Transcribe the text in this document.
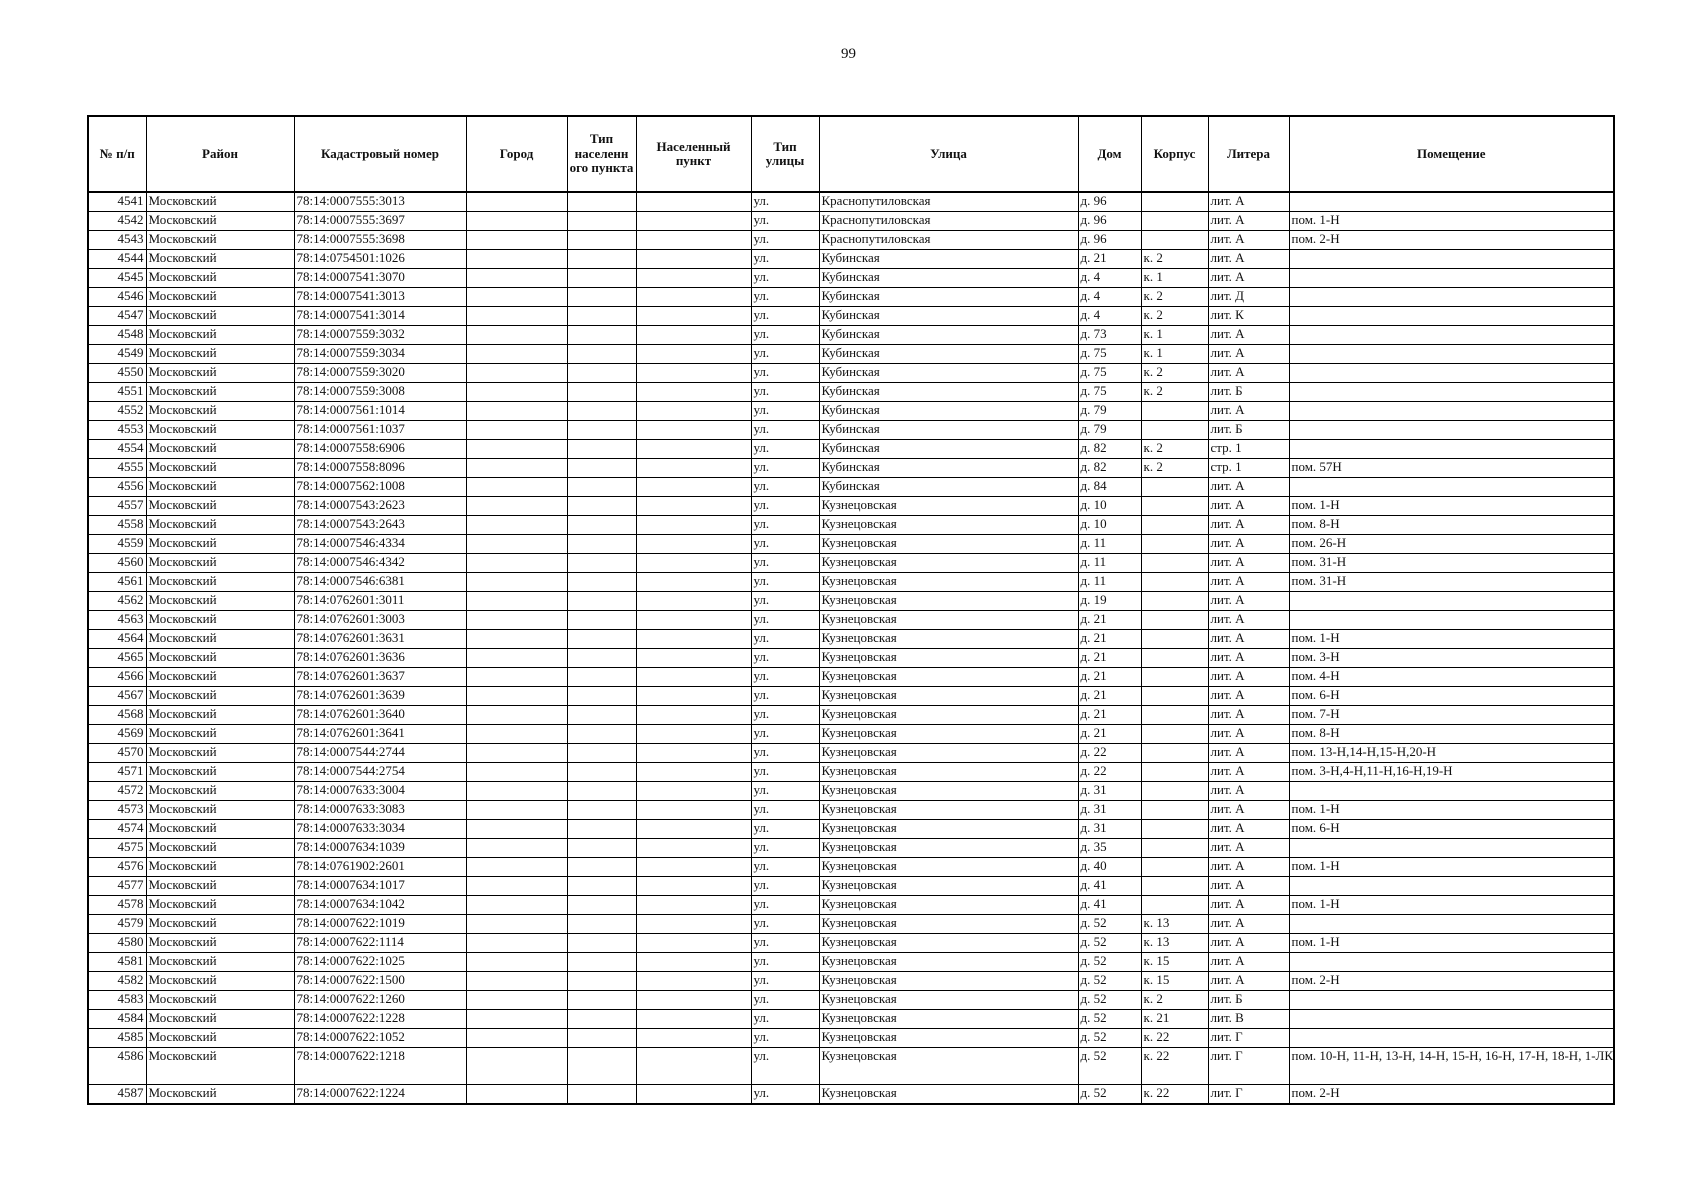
99
№ п/п	Район	Кадастровый номер	Город	Тип населенн ого пункта	Населенный пункт	Тип улицы	Улица	Дом	Корпус	Литера	Помещение
4541	Московский	78:14:0007555:3013				ул.	Краснопутиловская	д. 96		лит. А	
4542	Московский	78:14:0007555:3697				ул.	Краснопутиловская	д. 96		лит. А	пом. 1-Н
4543	Московский	78:14:0007555:3698				ул.	Краснопутиловская	д. 96		лит. А	пом. 2-Н
4544	Московский	78:14:0754501:1026				ул.	Кубинская	д. 21	к. 2	лит. А	
4545	Московский	78:14:0007541:3070				ул.	Кубинская	д. 4	к. 1	лит. А	
4546	Московский	78:14:0007541:3013				ул.	Кубинская	д. 4	к. 2	лит. Д	
4547	Московский	78:14:0007541:3014				ул.	Кубинская	д. 4	к. 2	лит. К	
4548	Московский	78:14:0007559:3032				ул.	Кубинская	д. 73	к. 1	лит. А	
4549	Московский	78:14:0007559:3034				ул.	Кубинская	д. 75	к. 1	лит. А	
4550	Московский	78:14:0007559:3020				ул.	Кубинская	д. 75	к. 2	лит. А	
4551	Московский	78:14:0007559:3008				ул.	Кубинская	д. 75	к. 2	лит. Б	
4552	Московский	78:14:0007561:1014				ул.	Кубинская	д. 79		лит. А	
4553	Московский	78:14:0007561:1037				ул.	Кубинская	д. 79		лит. Б	
4554	Московский	78:14:0007558:6906				ул.	Кубинская	д. 82	к. 2	стр. 1	
4555	Московский	78:14:0007558:8096				ул.	Кубинская	д. 82	к. 2	стр. 1	пом. 57Н
4556	Московский	78:14:0007562:1008				ул.	Кубинская	д. 84		лит. А	
4557	Московский	78:14:0007543:2623				ул.	Кузнецовская	д. 10		лит. А	пом. 1-Н
4558	Московский	78:14:0007543:2643				ул.	Кузнецовская	д. 10		лит. А	пом. 8-Н
4559	Московский	78:14:0007546:4334				ул.	Кузнецовская	д. 11		лит. А	пом. 26-Н
4560	Московский	78:14:0007546:4342				ул.	Кузнецовская	д. 11		лит. А	пом. 31-Н
4561	Московский	78:14:0007546:6381				ул.	Кузнецовская	д. 11		лит. А	пом. 31-Н
4562	Московский	78:14:0762601:3011				ул.	Кузнецовская	д. 19		лит. А	
4563	Московский	78:14:0762601:3003				ул.	Кузнецовская	д. 21		лит. А	
4564	Московский	78:14:0762601:3631				ул.	Кузнецовская	д. 21		лит. А	пом. 1-Н
4565	Московский	78:14:0762601:3636				ул.	Кузнецовская	д. 21		лит. А	пом. 3-Н
4566	Московский	78:14:0762601:3637				ул.	Кузнецовская	д. 21		лит. А	пом. 4-Н
4567	Московский	78:14:0762601:3639				ул.	Кузнецовская	д. 21		лит. А	пом. 6-Н
4568	Московский	78:14:0762601:3640				ул.	Кузнецовская	д. 21		лит. А	пом. 7-Н
4569	Московский	78:14:0762601:3641				ул.	Кузнецовская	д. 21		лит. А	пом. 8-Н
4570	Московский	78:14:0007544:2744				ул.	Кузнецовская	д. 22		лит. А	пом. 13-Н,14-Н,15-Н,20-Н
4571	Московский	78:14:0007544:2754				ул.	Кузнецовская	д. 22		лит. А	пом. 3-Н,4-Н,11-Н,16-Н,19-Н
4572	Московский	78:14:0007633:3004				ул.	Кузнецовская	д. 31		лит. А	
4573	Московский	78:14:0007633:3083				ул.	Кузнецовская	д. 31		лит. А	пом. 1-Н
4574	Московский	78:14:0007633:3034				ул.	Кузнецовская	д. 31		лит. А	пом. 6-Н
4575	Московский	78:14:0007634:1039				ул.	Кузнецовская	д. 35		лит. А	
4576	Московский	78:14:0761902:2601				ул.	Кузнецовская	д. 40		лит. А	пом. 1-Н
4577	Московский	78:14:0007634:1017				ул.	Кузнецовская	д. 41		лит. А	
4578	Московский	78:14:0007634:1042				ул.	Кузнецовская	д. 41		лит. А	пом. 1-Н
4579	Московский	78:14:0007622:1019				ул.	Кузнецовская	д. 52	к. 13	лит. А	
4580	Московский	78:14:0007622:1114				ул.	Кузнецовская	д. 52	к. 13	лит. А	пом. 1-Н
4581	Московский	78:14:0007622:1025				ул.	Кузнецовская	д. 52	к. 15	лит. А	
4582	Московский	78:14:0007622:1500				ул.	Кузнецовская	д. 52	к. 15	лит. А	пом. 2-Н
4583	Московский	78:14:0007622:1260				ул.	Кузнецовская	д. 52	к. 2	лит. Б	
4584	Московский	78:14:0007622:1228				ул.	Кузнецовская	д. 52	к. 21	лит. В	
4585	Московский	78:14:0007622:1052				ул.	Кузнецовская	д. 52	к. 22	лит. Г	
4586	Московский	78:14:0007622:1218				ул.	Кузнецовская	д. 52	к. 22	лит. Г	пом. 10-Н, 11-Н, 13-Н, 14-Н, 15-Н, 16-Н, 17-Н, 18-Н, 1-ЛК
4587	Московский	78:14:0007622:1224				ул.	Кузнецовская	д. 52	к. 22	лит. Г	пом. 2-Н
